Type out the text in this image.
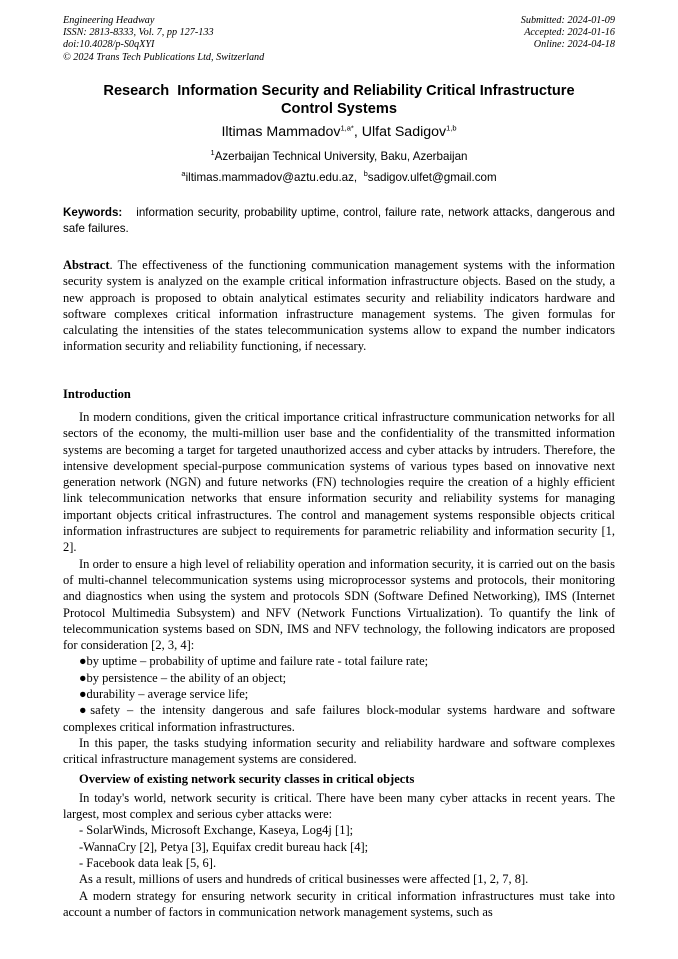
Engineering Headway
ISSN: 2813-8333, Vol. 7, pp 127-133
doi:10.4028/p-S0qXYI
© 2024 Trans Tech Publications Ltd, Switzerland
Submitted: 2024-01-09
Accepted: 2024-01-16
Online: 2024-04-18
Research  Information Security and Reliability Critical Infrastructure
Control Systems
Iltimas Mammadov$^{1,a*}$, Ulfat Sadigov$^{1,b}$
$^1$Azerbaijan Technical University, Baku, Azerbaijan
$^a$iltimas.mammadov@aztu.edu.az, $^b$sadigov.ulfet@gmail.com
Keywords: information security, probability uptime, control, failure rate, network attacks, dangerous and safe failures.

Abstract. The effectiveness of the functioning communication management systems with the information security system is analyzed on the example critical information infrastructure objects. Based on the study, a new approach is proposed to obtain analytical estimates security and reliability indicators hardware and software complexes critical information infrastructure management systems. The given formulas for calculating the intensities of the states telecommunication systems allow to expand the number indicators information security and reliability functioning, if necessary.

Introduction

In modern conditions, given the critical importance critical infrastructure communication networks for all sectors of the economy, the multi-million user base and the confidentiality of the transmitted information systems are becoming a target for targeted unauthorized access and cyber attacks by intruders. Therefore, the intensive development special-purpose communication systems of various types based on innovative next generation network (NGN) and future networks (FN) technologies require the creation of a highly efficient link telecommunication networks that ensure information security and reliability systems for managing important objects critical infrastructures. The control and management systems responsible objects critical information infrastructures are subject to requirements for parametric reliability and information security [1, 2].

In order to ensure a high level of reliability operation and information security, it is carried out on the basis of multi-channel telecommunication systems using microprocessor systems and protocols, their monitoring and diagnostics when using the system and protocols SDN (Software Defined Networking), IMS (Internet Protocol Multimedia Subsystem) and NFV (Network Functions Virtualization). To quantify the link of telecommunication systems based on SDN, IMS and NFV technology, the following indicators are proposed for consideration [2, 3, 4]:

●by uptime – probability of uptime and failure rate - total failure rate;

●by persistence – the ability of an object;

●durability – average service life;

●safety – the intensity dangerous and safe failures block-modular systems hardware and software complexes critical information infrastructures.

In this paper, the tasks studying information security and reliability hardware and software complexes critical infrastructure management systems are considered.

Overview of existing network security classes in critical objects

In today's world, network security is critical. There have been many cyber attacks in recent years. The largest, most complex and serious cyber attacks were:

- SolarWinds, Microsoft Exchange, Kaseya, Log4j [1];

-WannaCry [2], Petya [3], Equifax credit bureau hack [4];

- Facebook data leak [5, 6].

As a result, millions of users and hundreds of critical businesses were affected [1, 2, 7, 8].

A modern strategy for ensuring network security in critical information infrastructures must take into account a number of factors in communication network management systems, such as
